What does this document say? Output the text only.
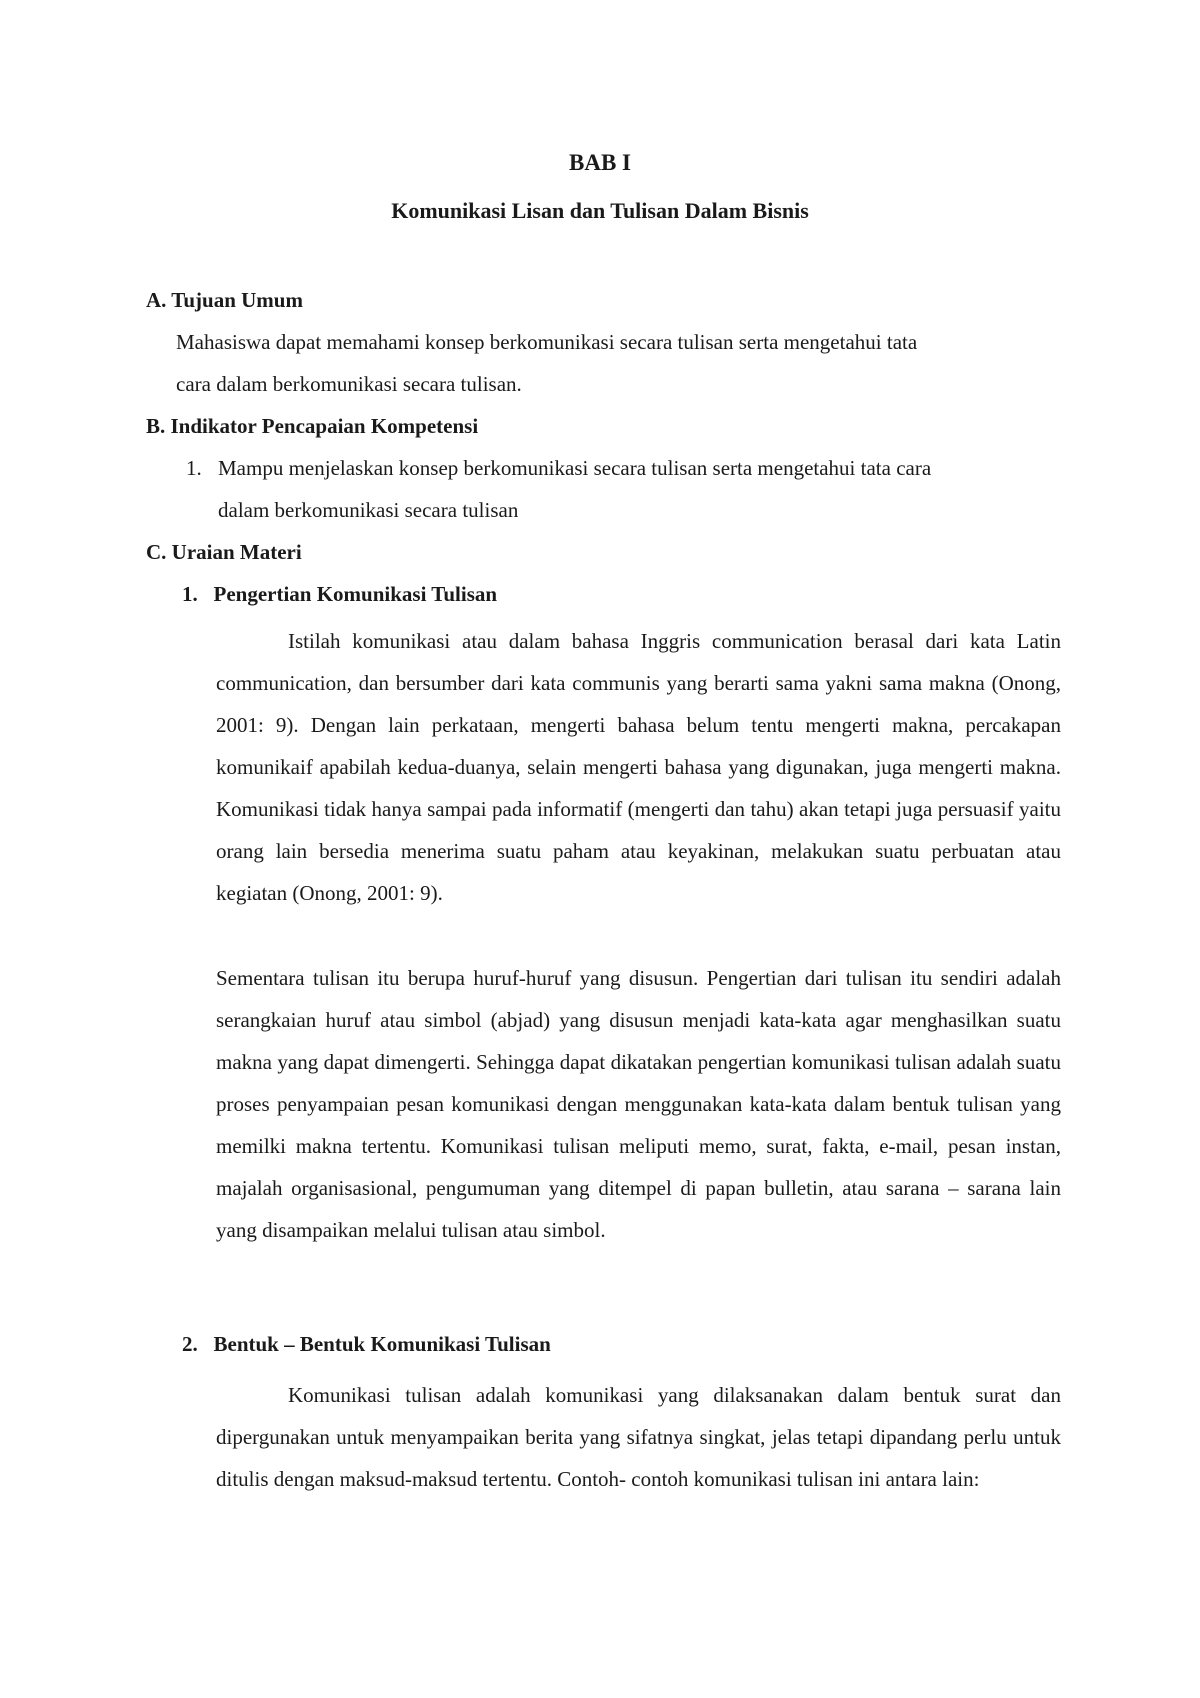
BAB I
Komunikasi Lisan dan Tulisan Dalam Bisnis
A. Tujuan Umum
Mahasiswa dapat memahami konsep berkomunikasi secara tulisan serta mengetahui tata
cara dalam berkomunikasi secara tulisan.
B. Indikator Pencapaian Kompetensi
1. Mampu menjelaskan konsep berkomunikasi secara tulisan serta mengetahui tata cara
dalam berkomunikasi secara tulisan
C. Uraian Materi
1.   Pengertian Komunikasi Tulisan
Istilah komunikasi atau dalam bahasa Inggris communication berasal dari kata Latin communication, dan bersumber dari kata communis yang berarti sama yakni sama makna (Onong, 2001: 9). Dengan lain perkataan, mengerti bahasa belum tentu mengerti makna, percakapan komunikaif apabilah kedua-duanya, selain mengerti bahasa yang digunakan, juga mengerti makna. Komunikasi tidak hanya sampai pada informatif (mengerti dan tahu) akan tetapi juga persuasif yaitu orang lain bersedia menerima suatu paham atau keyakinan, melakukan suatu perbuatan atau kegiatan (Onong, 2001: 9).
Sementara tulisan itu berupa huruf-huruf yang disusun. Pengertian dari tulisan itu sendiri adalah serangkaian huruf atau simbol (abjad) yang disusun menjadi kata-kata agar menghasilkan suatu makna yang dapat dimengerti. Sehingga dapat dikatakan pengertian komunikasi tulisan adalah suatu proses penyampaian pesan komunikasi dengan menggunakan kata-kata dalam bentuk tulisan yang memilki makna tertentu. Komunikasi tulisan meliputi memo, surat, fakta, e-mail, pesan instan, majalah organisasional, pengumuman yang ditempel di papan bulletin, atau sarana – sarana lain yang disampaikan melalui tulisan atau simbol.
2.   Bentuk – Bentuk Komunikasi Tulisan
Komunikasi tulisan adalah komunikasi yang dilaksanakan dalam bentuk surat dan dipergunakan untuk menyampaikan berita yang sifatnya singkat, jelas tetapi dipandang perlu untuk ditulis dengan maksud-maksud tertentu. Contoh- contoh komunikasi tulisan ini antara lain:
